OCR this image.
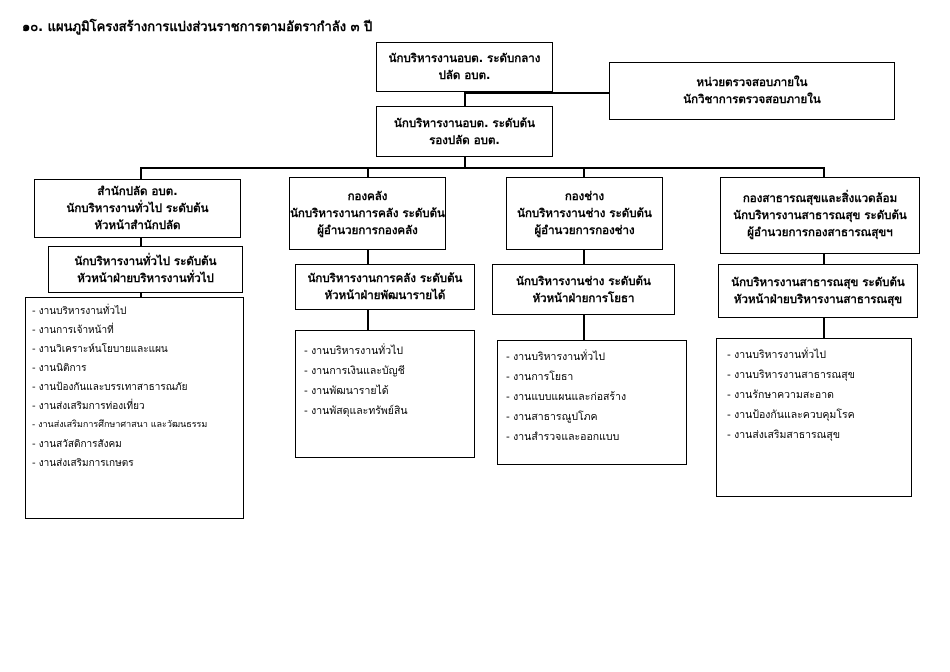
๑๐. แผนภูมิโครงสร้างการแบ่งส่วนราชการตามอัตรากำลัง ๓ ปี
นักบริหารงานอบต. ระดับกลาง
ปลัด อบต.	หน่วยตรวจสอบภายใน
นักวิชาการตรวจสอบภายใน
นักบริหารงานอบต. ระดับต้น
รองปลัด อบต.
สำนักปลัด อบต.
นักบริหารงานทั่วไป ระดับต้น
หัวหน้าสำนักปลัด
นักบริหารงานทั่วไป ระดับต้น
หัวหน้าฝ่ายบริหารงานทั่วไป
- งานบริหารงานทั่วไป
- งานการเจ้าหน้าที่
- งานวิเคราะห์นโยบายและแผน
- งานนิติการ
- งานป้องกันและบรรเทาสาธารณภัย
- งานส่งเสริมการท่องเที่ยว
- งานส่งเสริมการศึกษาศาสนา และวัฒนธรรม
- งานสวัสดิการสังคม
- งานส่งเสริมการเกษตร
กองคลัง
นักบริหารงานการคลัง ระดับต้น
ผู้อำนวยการกองคลัง
นักบริหารงานการคลัง ระดับต้น
หัวหน้าฝ่ายพัฒนารายได้
- งานบริหารงานทั่วไป
- งานการเงินและบัญชี
- งานพัฒนารายได้
- งานพัสดุและทรัพย์สิน
กองช่าง
นักบริหารงานช่าง ระดับต้น
ผู้อำนวยการกองช่าง
นักบริหารงานช่าง ระดับต้น
หัวหน้าฝ่ายการโยธา
- งานบริหารงานทั่วไป
- งานการโยธา
- งานแบบแผนและก่อสร้าง
- งานสาธารณูปโภค
- งานสำรวจและออกแบบ
กองสาธารณสุขและสิ่งแวดล้อม
นักบริหารงานสาธารณสุข ระดับต้น
ผู้อำนวยการกองสาธารณสุขฯ
นักบริหารงานสาธารณสุข ระดับต้น
หัวหน้าฝ่ายบริหารงานสาธารณสุข
- งานบริหารงานทั่วไป
- งานบริหารงานสาธารณสุข
- งานรักษาความสะอาด
- งานป้องกันและควบคุมโรค
- งานส่งเสริมสาธารณสุข
